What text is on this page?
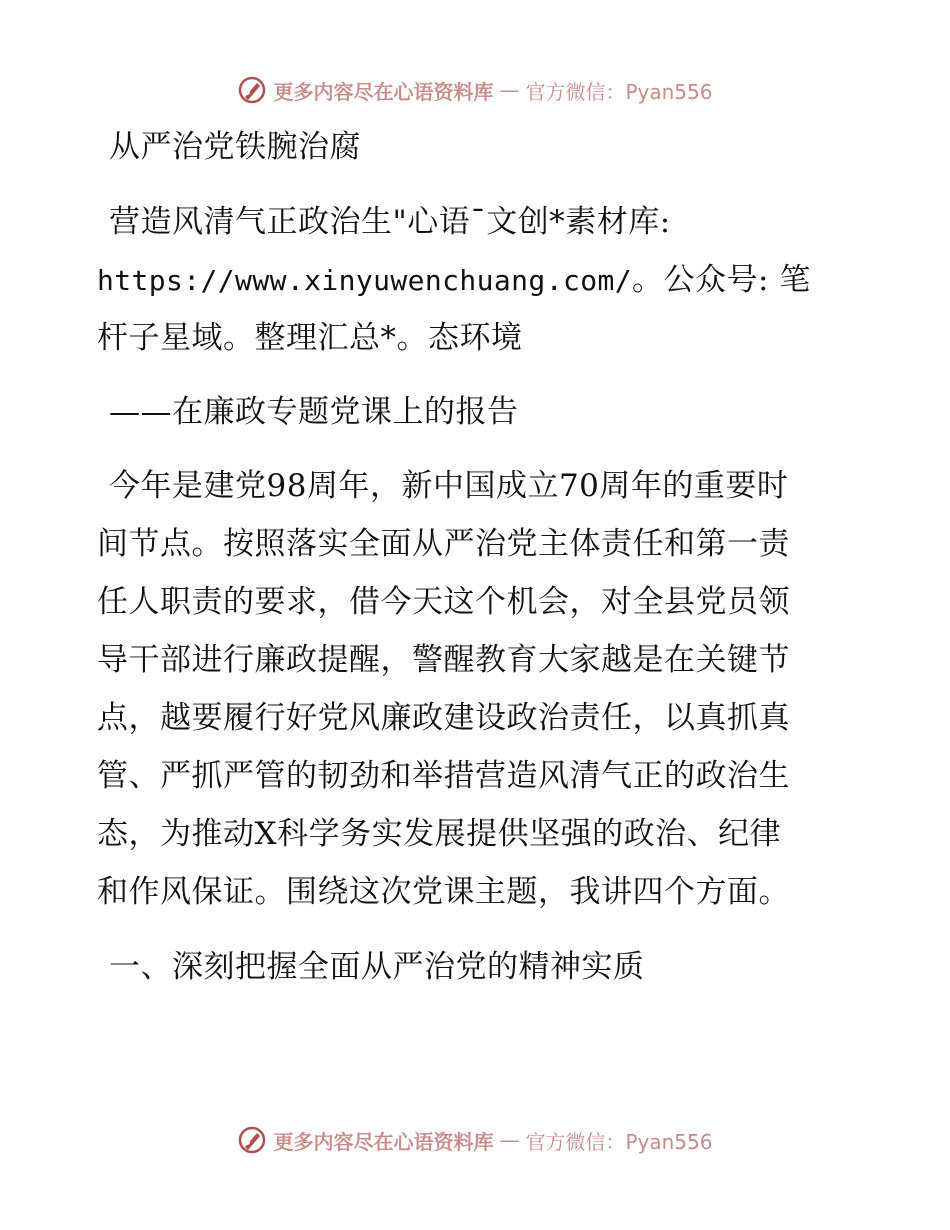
更多内容尽在心语资料库 — 官方微信：Pyan556
从严治党铁腕治腐
营造风清气正政治生"心语¯文创*素材库:
https://www.xinyuwenchuang.com/。公众号: 笔
杆子星域。整理汇总*。态环境
——在廉政专题党课上的报告
今年是建党98周年，新中国成立70周年的重要时
间节点。按照落实全面从严治党主体责任和第一责
任人职责的要求，借今天这个机会，对全县党员领
导干部进行廉政提醒，警醒教育大家越是在关键节
点，越要履行好党风廉政建设政治责任，以真抓真
管、严抓严管的韧劲和举措营造风清气正的政治生
态，为推动X科学务实发展提供坚强的政治、纪律
和作风保证。围绕这次党课主题，我讲四个方面。
一、深刻把握全面从严治党的精神实质
更多内容尽在心语资料库 — 官方微信：Pyan556
